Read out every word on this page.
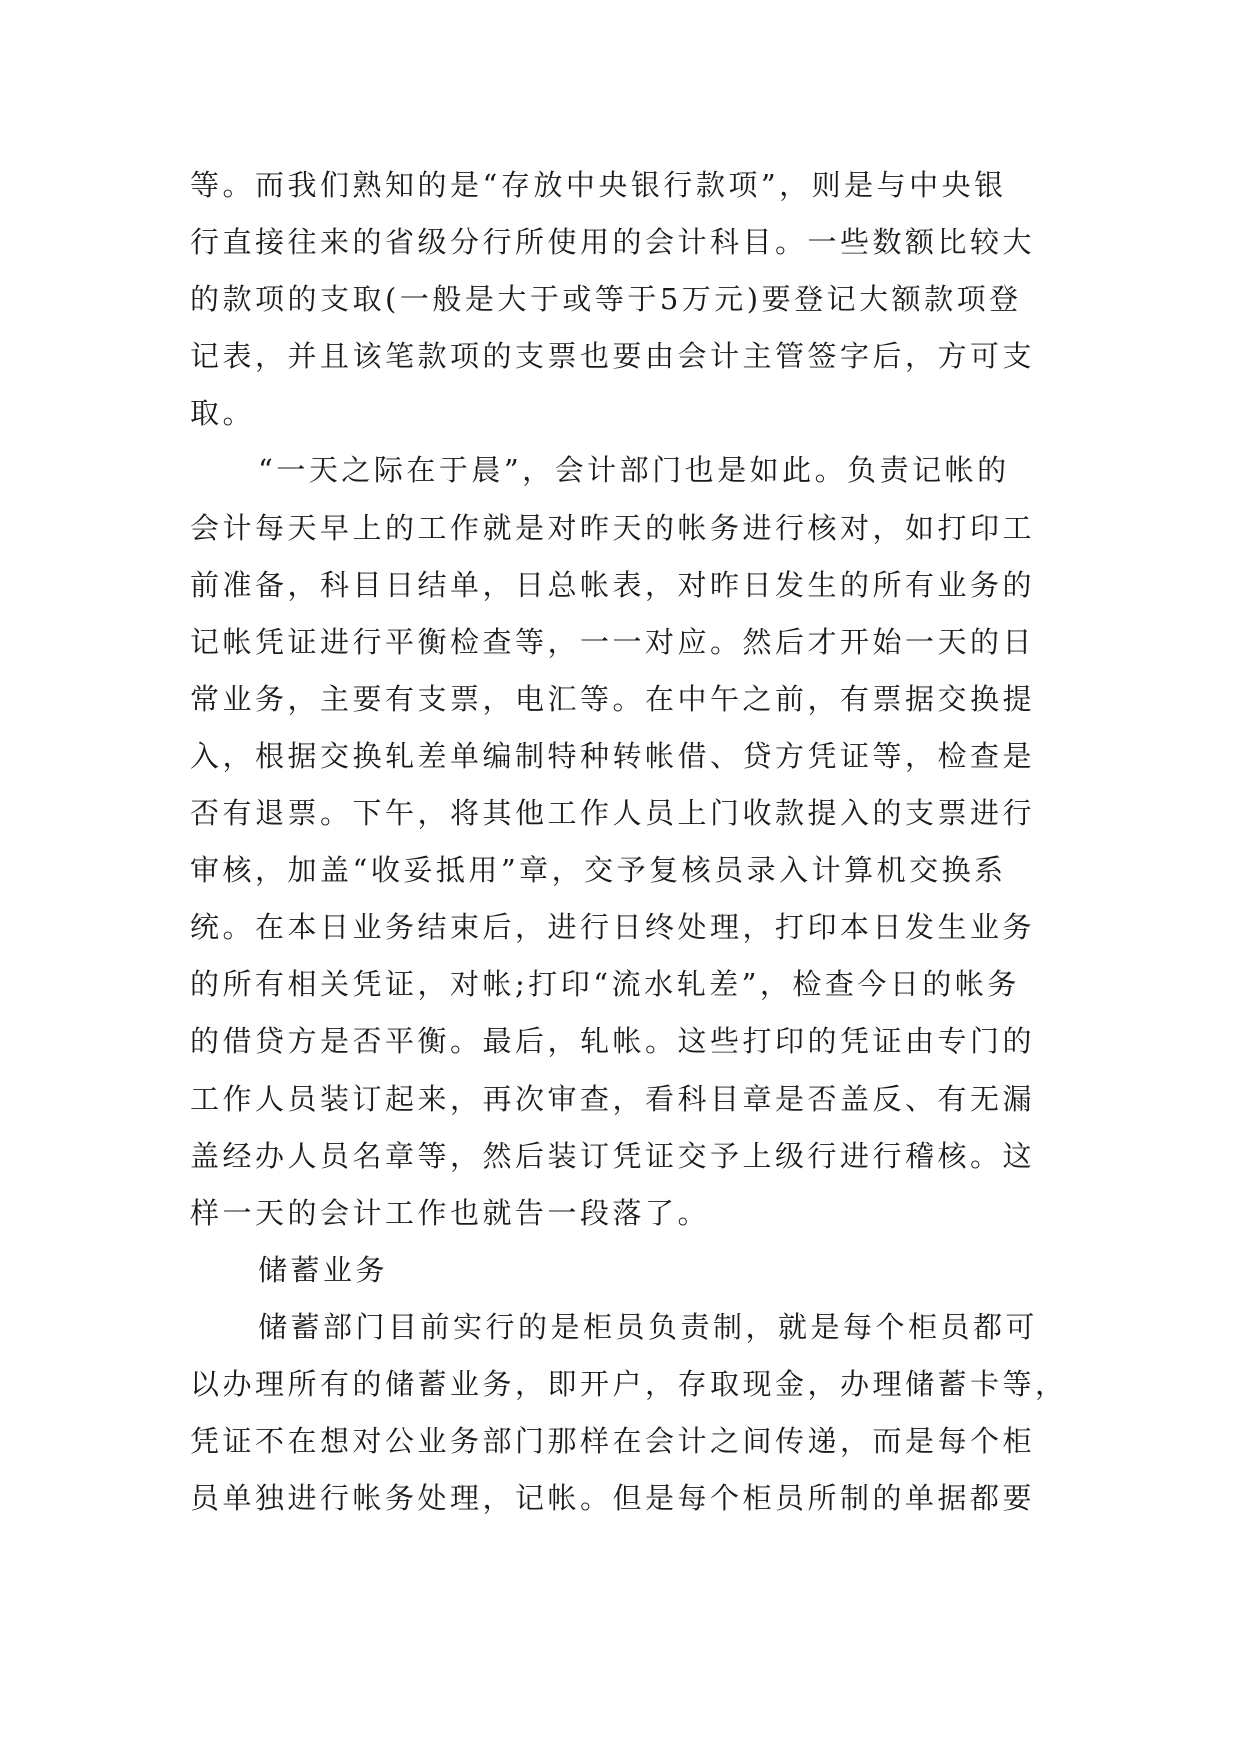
等。而我们熟知的是“存放中央银行款项”，则是与中央银
行直接往来的省级分行所使用的会计科目。一些数额比较大
的款项的支取(一般是大于或等于5万元)要登记大额款项登
记表，并且该笔款项的支票也要由会计主管签字后，方可支
取。
“一天之际在于晨”，会计部门也是如此。负责记帐的
会计每天早上的工作就是对昨天的帐务进行核对，如打印工
前准备，科目日结单，日总帐表，对昨日发生的所有业务的
记帐凭证进行平衡检查等，一一对应。然后才开始一天的日
常业务，主要有支票，电汇等。在中午之前，有票据交换提
入，根据交换轧差单编制特种转帐借、贷方凭证等，检查是
否有退票。下午，将其他工作人员上门收款提入的支票进行
审核，加盖“收妥抵用”章，交予复核员录入计算机交换系
统。在本日业务结束后，进行日终处理，打印本日发生业务
的所有相关凭证，对帐;打印“流水轧差”，检查今日的帐务
的借贷方是否平衡。最后，轧帐。这些打印的凭证由专门的
工作人员装订起来，再次审查，看科目章是否盖反、有无漏
盖经办人员名章等，然后装订凭证交予上级行进行稽核。这
样一天的会计工作也就告一段落了。
储蓄业务
储蓄部门目前实行的是柜员负责制，就是每个柜员都可
以办理所有的储蓄业务，即开户，存取现金，办理储蓄卡等，
凭证不在想对公业务部门那样在会计之间传递，而是每个柜
员单独进行帐务处理，记帐。但是每个柜员所制的单据都要
